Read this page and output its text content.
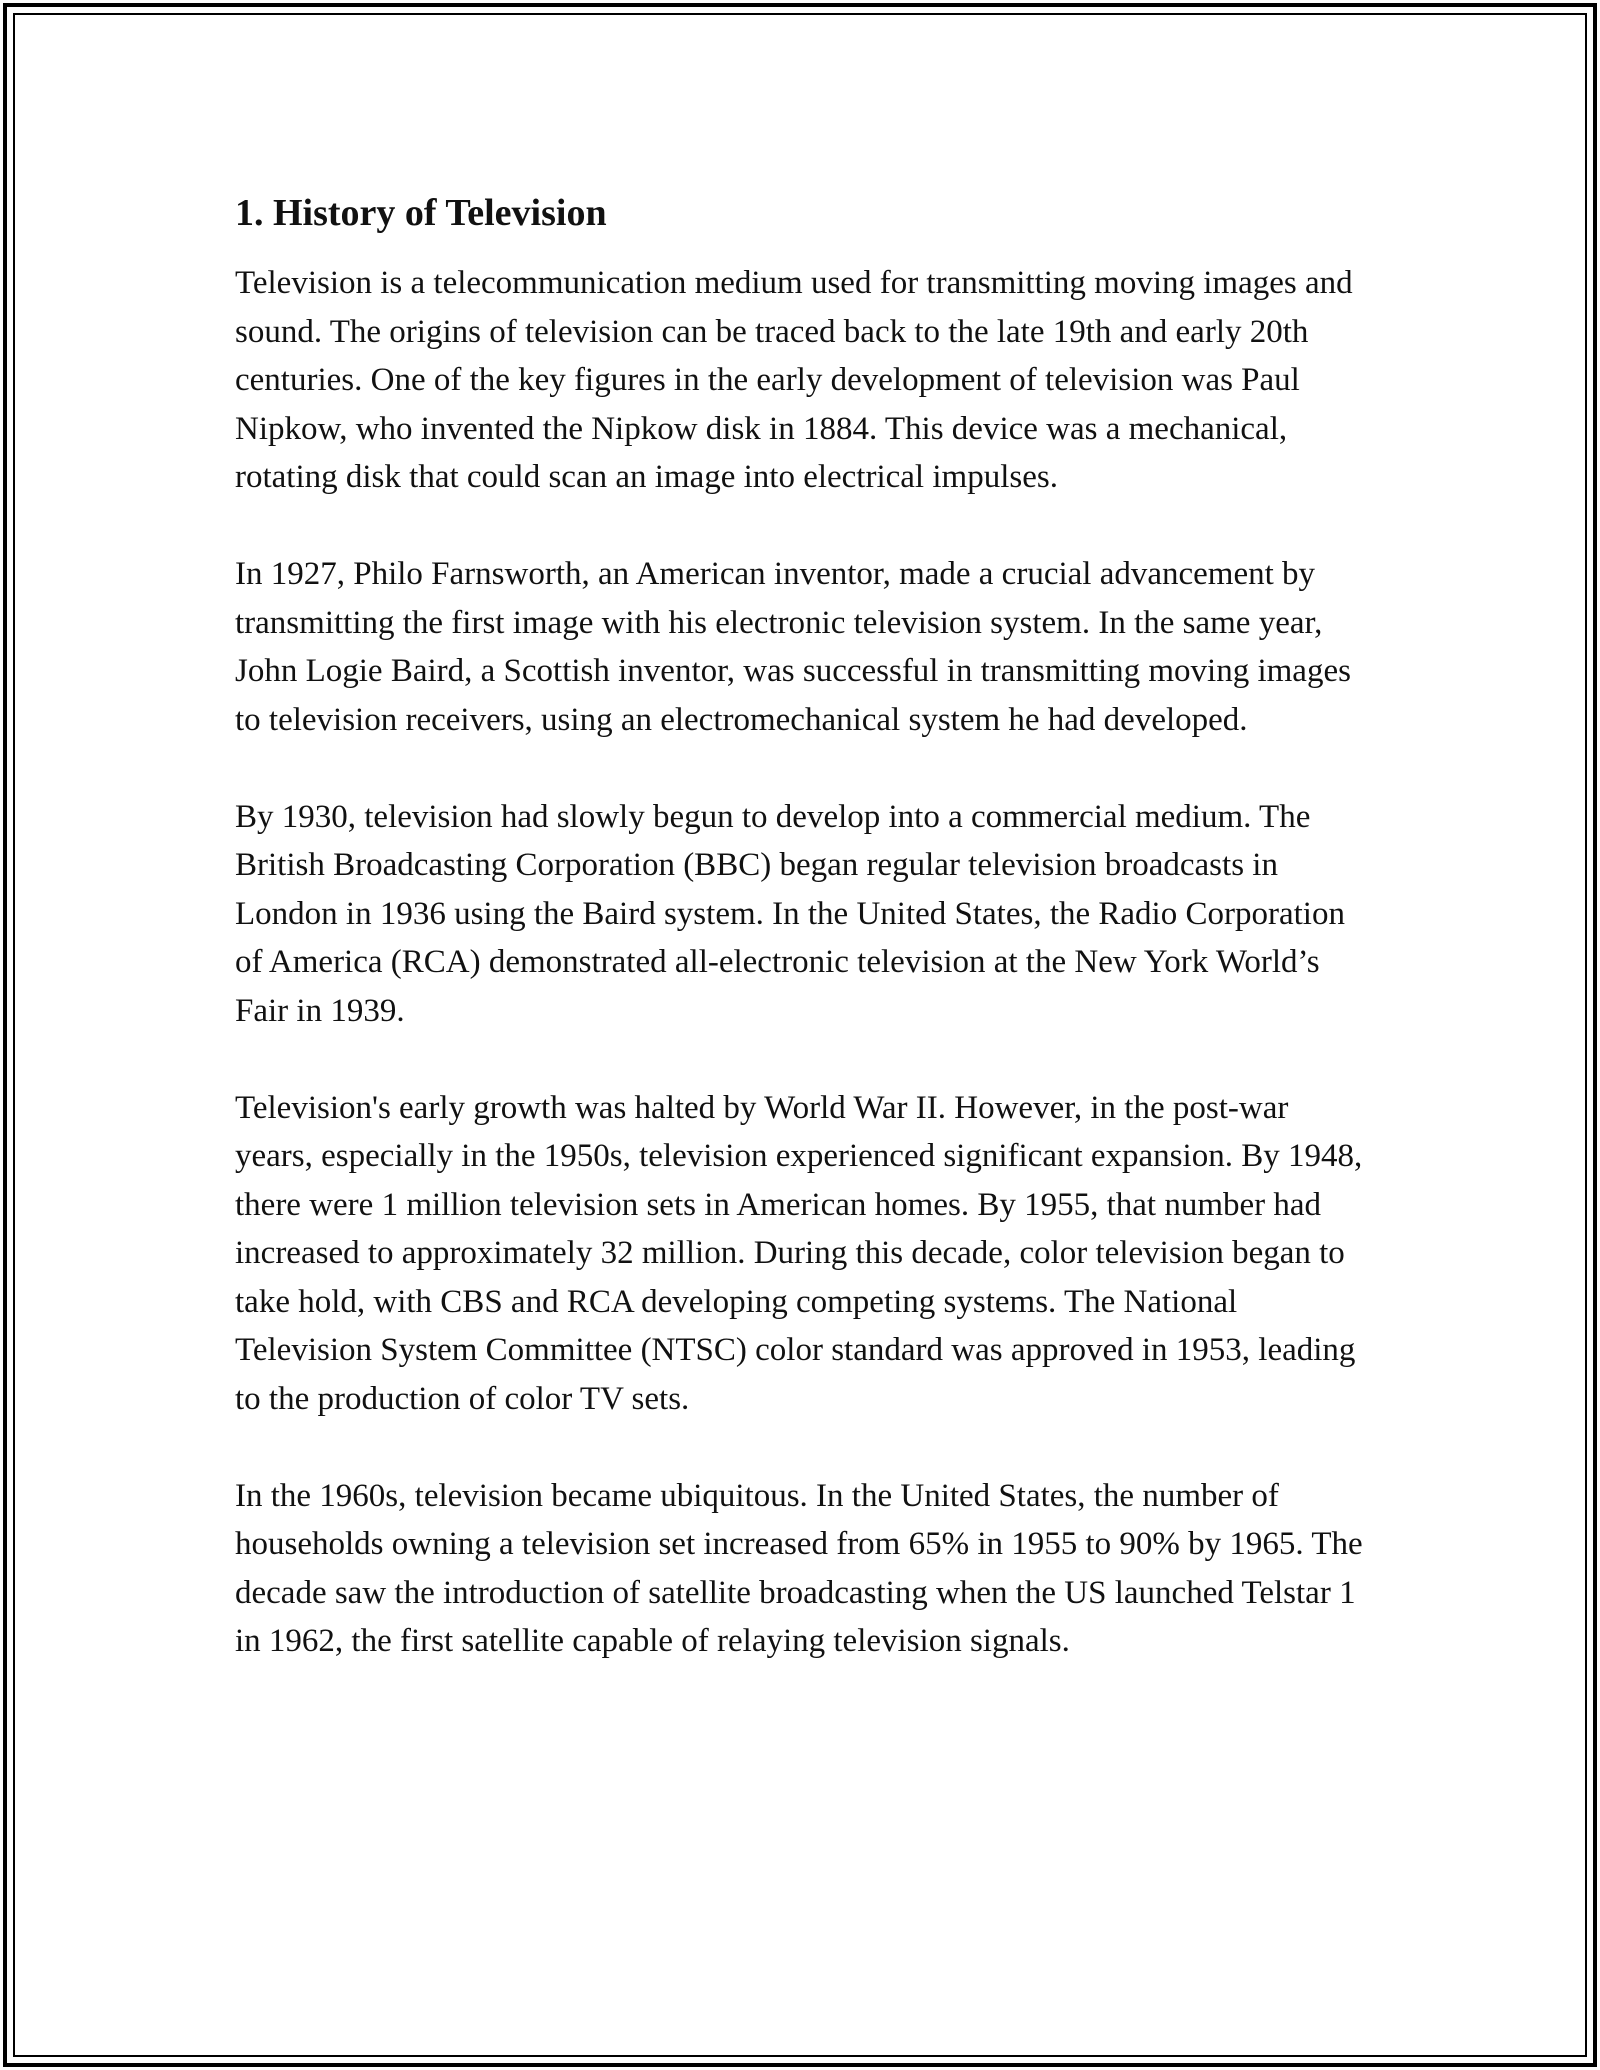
1. History of Television

Television is a telecommunication medium used for transmitting moving images and sound. The origins of television can be traced back to the late 19th and early 20th centuries. One of the key figures in the early development of television was Paul Nipkow, who invented the Nipkow disk in 1884. This device was a mechanical, rotating disk that could scan an image into electrical impulses.

In 1927, Philo Farnsworth, an American inventor, made a crucial advancement by transmitting the first image with his electronic television system. In the same year, John Logie Baird, a Scottish inventor, was successful in transmitting moving images to television receivers, using an electromechanical system he had developed.

By 1930, television had slowly begun to develop into a commercial medium. The British Broadcasting Corporation (BBC) began regular television broadcasts in London in 1936 using the Baird system. In the United States, the Radio Corporation of America (RCA) demonstrated all-electronic television at the New York World’s Fair in 1939.

Television's early growth was halted by World War II. However, in the post-war years, especially in the 1950s, television experienced significant expansion. By 1948, there were 1 million television sets in American homes. By 1955, that number had increased to approximately 32 million. During this decade, color television began to take hold, with CBS and RCA developing competing systems. The National Television System Committee (NTSC) color standard was approved in 1953, leading to the production of color TV sets.

In the 1960s, television became ubiquitous. In the United States, the number of households owning a television set increased from 65% in 1955 to 90% by 1965. The decade saw the introduction of satellite broadcasting when the US launched Telstar 1 in 1962, the first satellite capable of relaying television signals.
